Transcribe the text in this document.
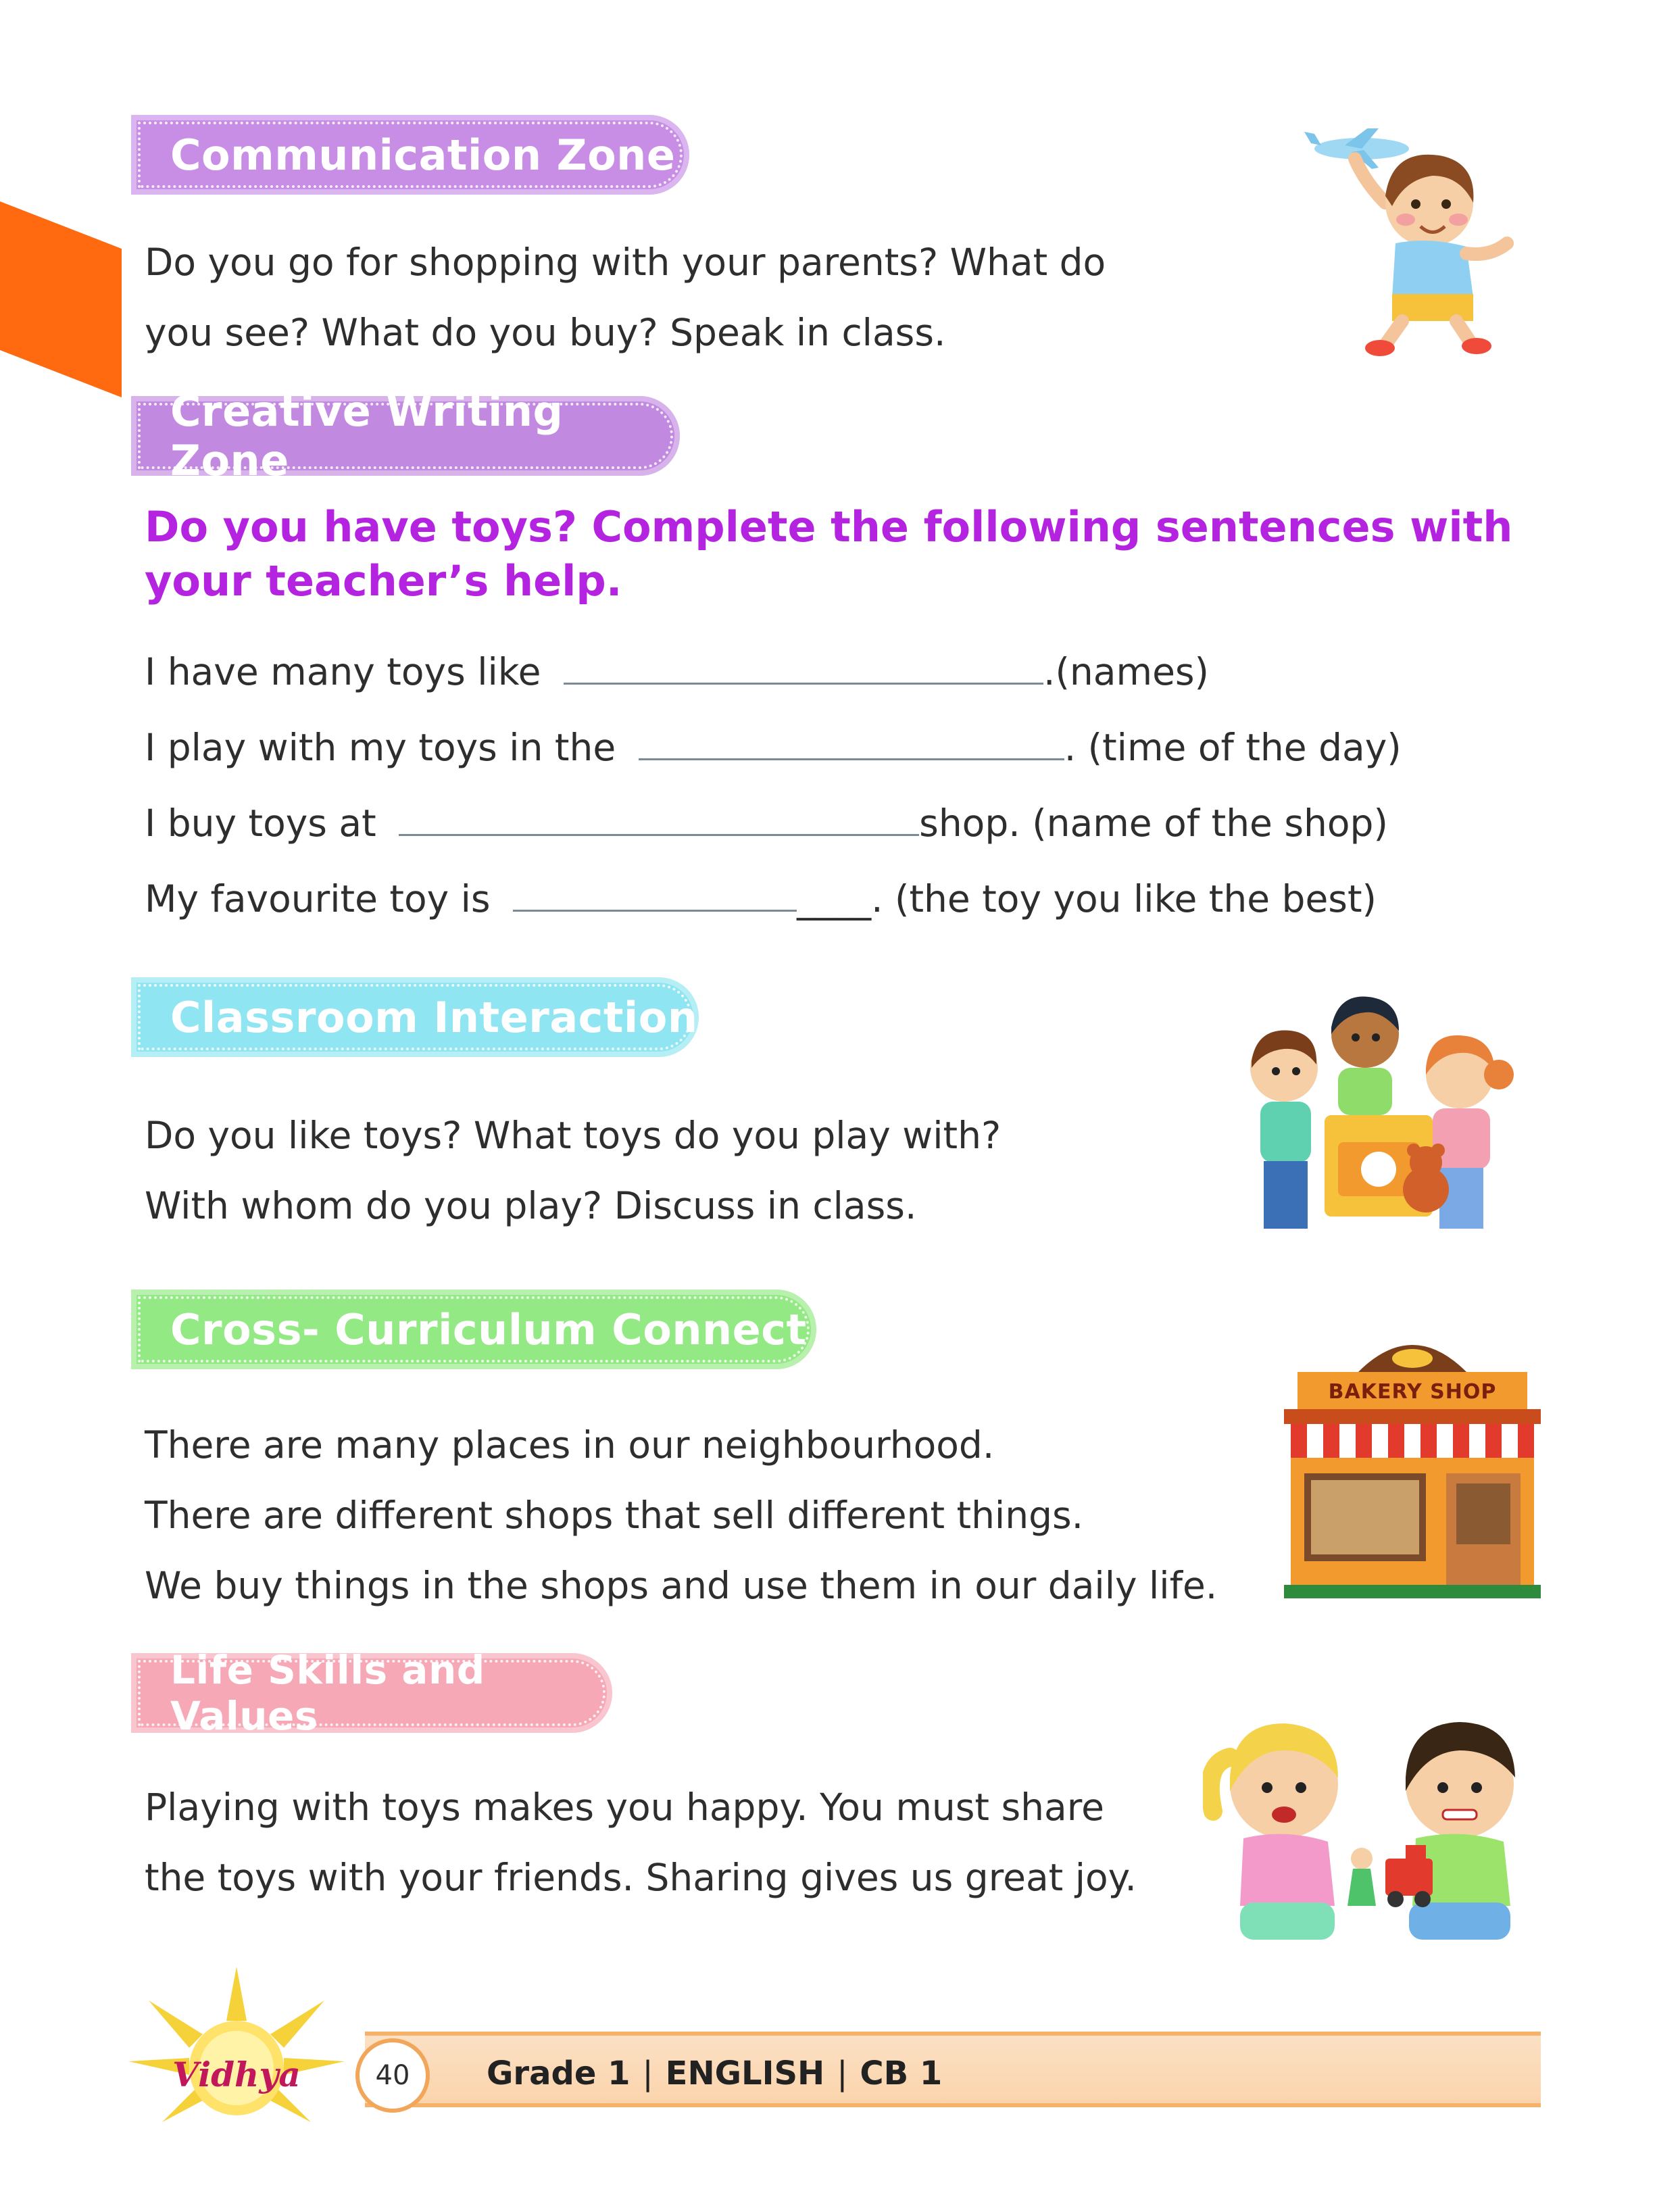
Communication Zone
Do you go for shopping with your parents? What do
you see? What do you buy? Speak in class.
Creative Writing Zone
Do you have toys? Complete the following sentences with your teacher’s help.
I have many toys like	.(names)
I play with my toys in the	. (time of the day)
I buy toys at	shop. (name of the shop)
My favourite toy is	____. (the toy you like the best)
Classroom Interaction
Do you like toys? What toys do you play with?
With whom do you play? Discuss in class.
Cross- Curriculum Connect
There are many places in our neighbourhood.
There are different shops that sell different things.
We buy things in the shops and use them in our daily life.
BAKERY SHOP
Life Skills and Values
Playing with toys makes you happy. You must share
the toys with your friends. Sharing gives us great joy.
Vidhya	40 Grade 1 | ENGLISH | CB 1
